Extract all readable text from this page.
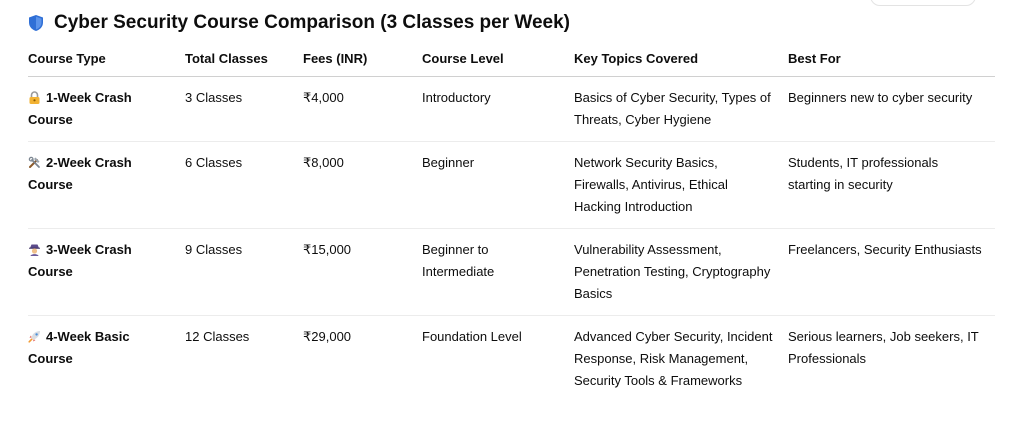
Cyber Security Course Comparison (3 Classes per Week)
Course Type	Total Classes	Fees (INR)	Course Level	Key Topics Covered	Best For
1-Week Crash Course	3 Classes	₹4,000	Introductory	Basics of Cyber Security, Types of Threats, Cyber Hygiene	Beginners new to cyber security
2-Week Crash Course	6 Classes	₹8,000	Beginner	Network Security Basics, Firewalls, Antivirus, Ethical Hacking Introduction	Students, IT professionals starting in security
3-Week Crash Course	9 Classes	₹15,000	Beginner to Intermediate	Vulnerability Assessment, Penetration Testing, Cryptography Basics	Freelancers, Security Enthusiasts
4-Week Basic Course	12 Classes	₹29,000	Foundation Level	Advanced Cyber Security, Incident Response, Risk Management, Security Tools & Frameworks	Serious learners, Job seekers, IT Professionals
